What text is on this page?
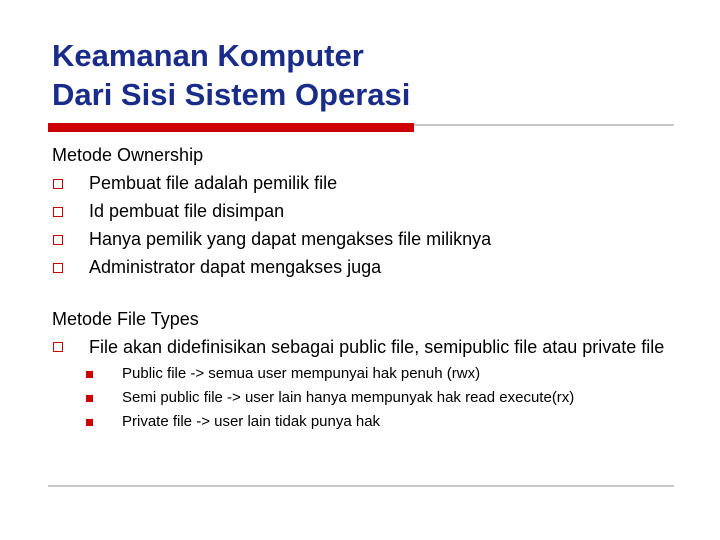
Keamanan Komputer
Dari Sisi Sistem Operasi
Metode Ownership
Pembuat file adalah pemilik file
Id pembuat file disimpan
Hanya pemilik yang dapat mengakses file miliknya
Administrator dapat mengakses juga
Metode File Types
File akan didefinisikan sebagai public file, semipublic file atau private file
Public file -> semua user mempunyai hak penuh (rwx)
Semi public file -> user lain hanya mempunyak hak read execute(rx)
Private file -> user lain tidak punya hak
